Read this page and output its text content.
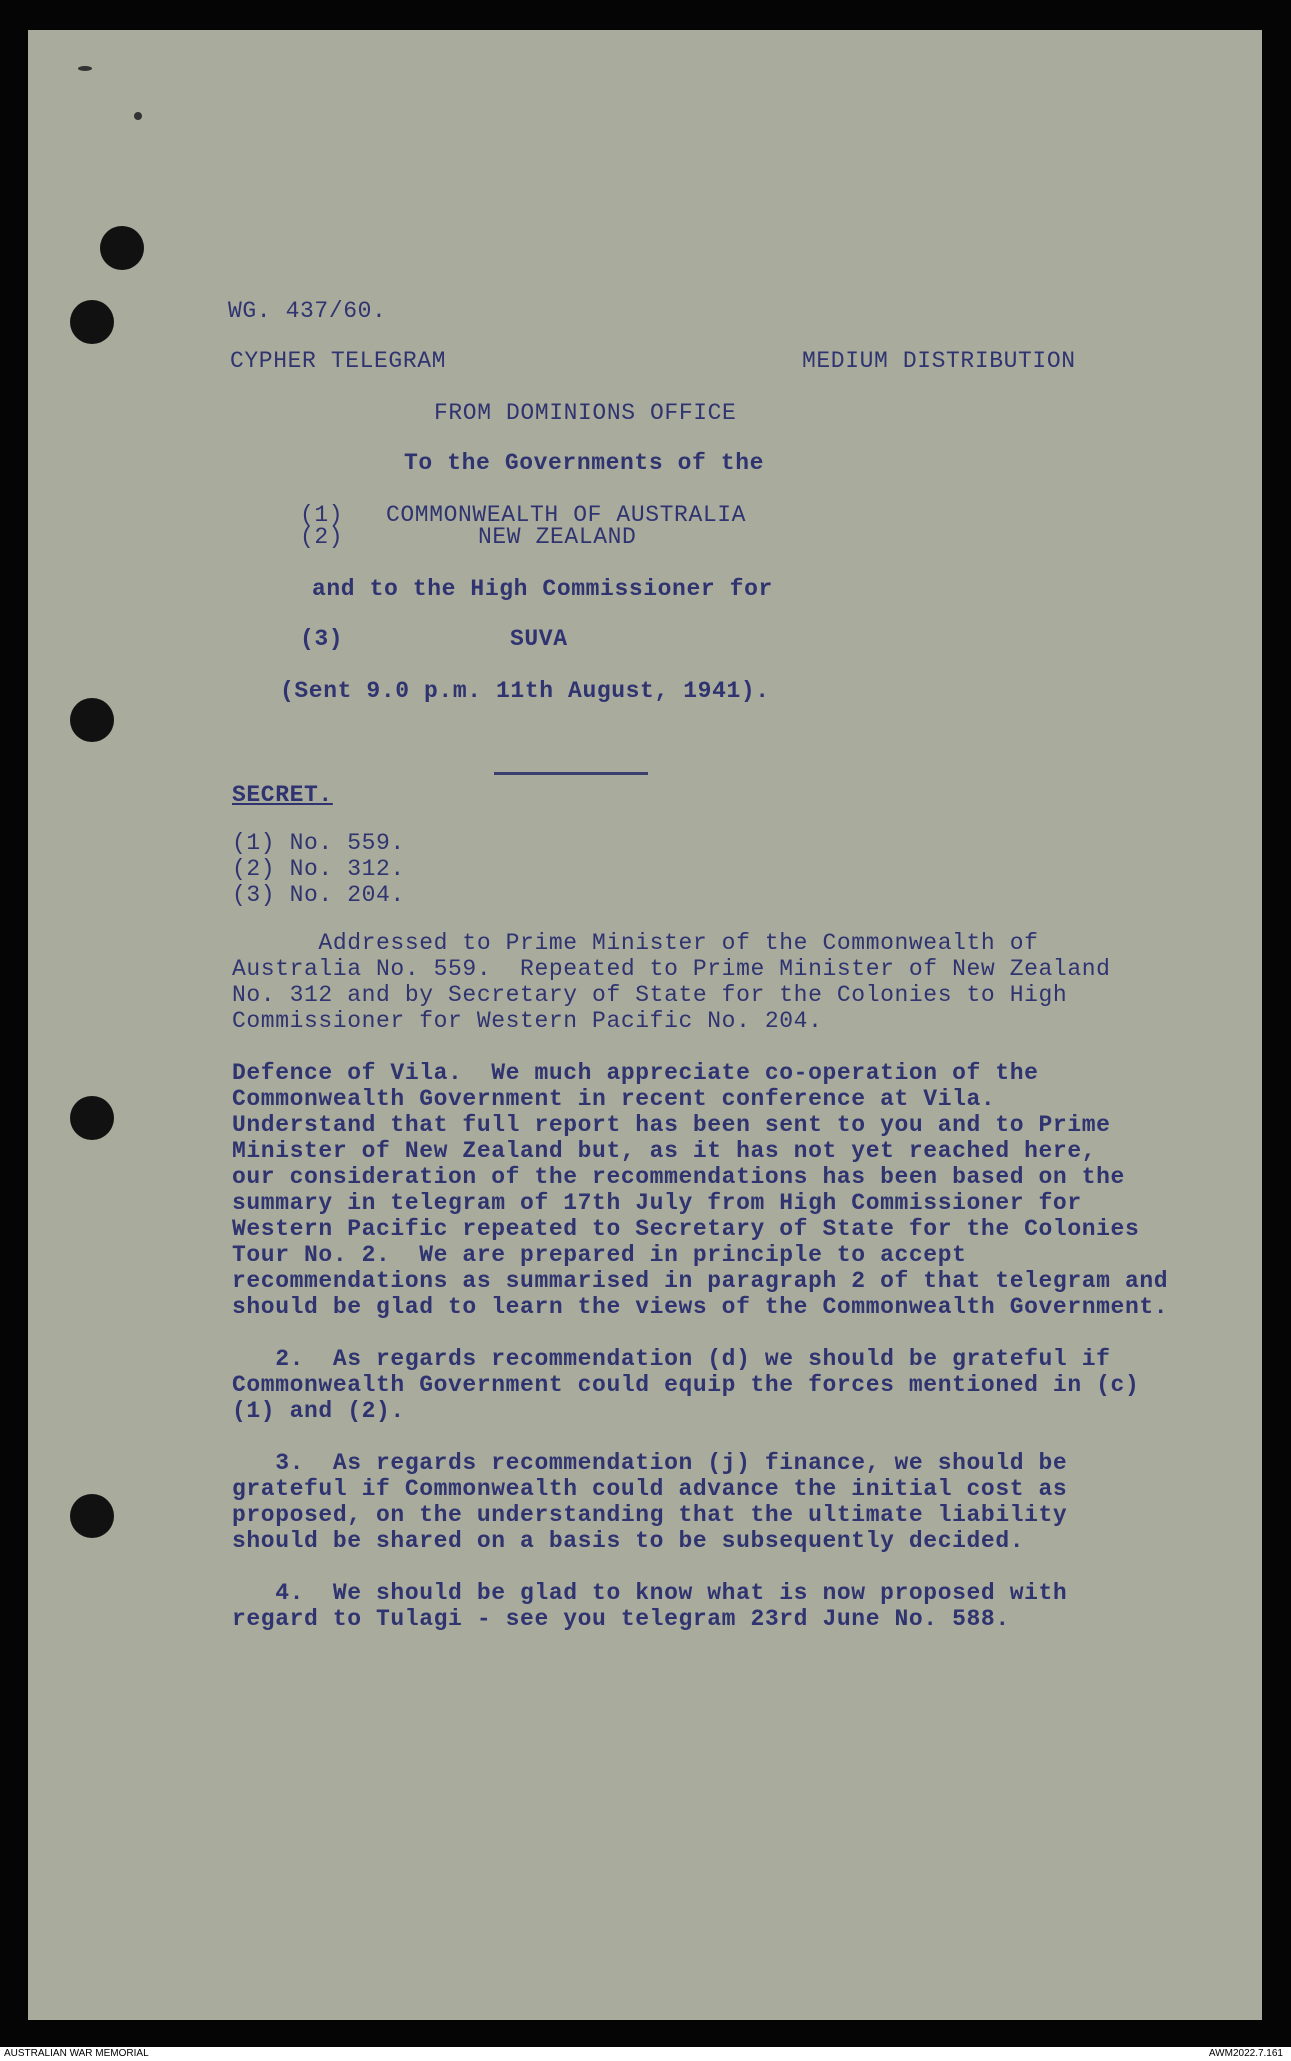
WG. 437/60.
CYPHER TELEGRAM	MEDIUM DISTRIBUTION
FROM DOMINIONS OFFICE
To the Governments of the
(1) COMMONWEALTH OF AUSTRALIA
(2)	NEW ZEALAND
and to the High Commissioner for
(3)	SUVA
(Sent 9.0 p.m. 11th August, 1941).
SECRET.
(1) No. 559.
(2) No. 312.
(3) No. 204.
Addressed to Prime Minister of the Commonwealth of
Australia No. 559.  Repeated to Prime Minister of New Zealand
No. 312 and by Secretary of State for the Colonies to High
Commissioner for Western Pacific No. 204.
Defence of Vila.  We much appreciate co-operation of the
Commonwealth Government in recent conference at Vila.
Understand that full report has been sent to you and to Prime
Minister of New Zealand but, as it has not yet reached here,
our consideration of the recommendations has been based on the
summary in telegram of 17th July from High Commissioner for
Western Pacific repeated to Secretary of State for the Colonies
Tour No. 2.  We are prepared in principle to accept
recommendations as summarised in paragraph 2 of that telegram and
should be glad to learn the views of the Commonwealth Government.
2.  As regards recommendation (d) we should be grateful if
Commonwealth Government could equip the forces mentioned in (c)
(1) and (2).
3.  As regards recommendation (j) finance, we should be
grateful if Commonwealth could advance the initial cost as
proposed, on the understanding that the ultimate liability
should be shared on a basis to be subsequently decided.
4.  We should be glad to know what is now proposed with
regard to Tulagi - see you telegram 23rd June No. 588.
AUSTRALIAN WAR MEMORIAL	AWM2022.7.161
